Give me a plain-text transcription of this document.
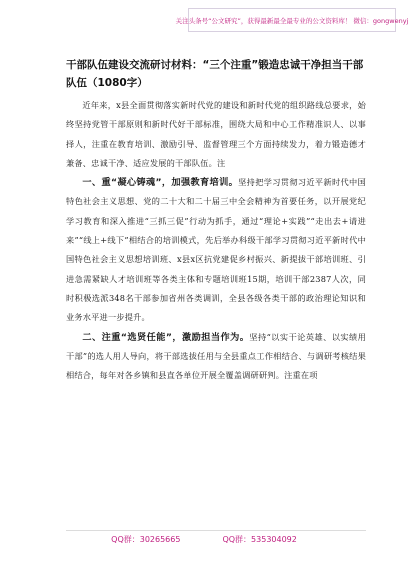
关注头条号“公文研究”，获得最新最全最专业的公文资料库！ 微信：gongwenyj
干部队伍建设交流研讨材料：“三个注重”锻造忠诚干净担当干部队伍（1080字）

近年来，x县全面贯彻落实新时代党的建设和新时代党的组织路线总要求，始终坚持党管干部原则和新时代好干部标准，围绕大局和中心工作精准识人、以事择人，注重在教育培训、激励引导、监督管理三个方面持续发力，着力锻造德才兼备、忠诚干净、适应发展的干部队伍。注

一、重“凝心铸魂”，加强教育培训。坚持把学习贯彻习近平新时代中国特色社会主义思想、党的二十大和二十届三中全会精神为首要任务，以开展党纪学习教育和深入推进“三抓三促”行动为抓手，通过“理论+实践”“走出去+请进来”“线上+线下”相结合的培训模式，先后举办科级干部学习贯彻习近平新时代中国特色社会主义思想培训班、x县x区抗党建促乡村振兴、新提拔干部培训班、引进急需紧缺人才培训班等各类主体和专题培训班15期，培训干部2387人次，同时积极选派348名干部参加省州各类调训，全县各级各类干部的政治理论知识和业务水平进一步提升。

二、注重“选贤任能”，激励担当作为。坚持“以实干论英雄、以实绩用干部”的选人用人导向，将干部选拔任用与全县重点工作相结合、与调研考核结果相结合，每年对各乡镇和县直各单位开展全覆盖调研研判。注重在项

QQ群：30265665	QQ群：535304092
